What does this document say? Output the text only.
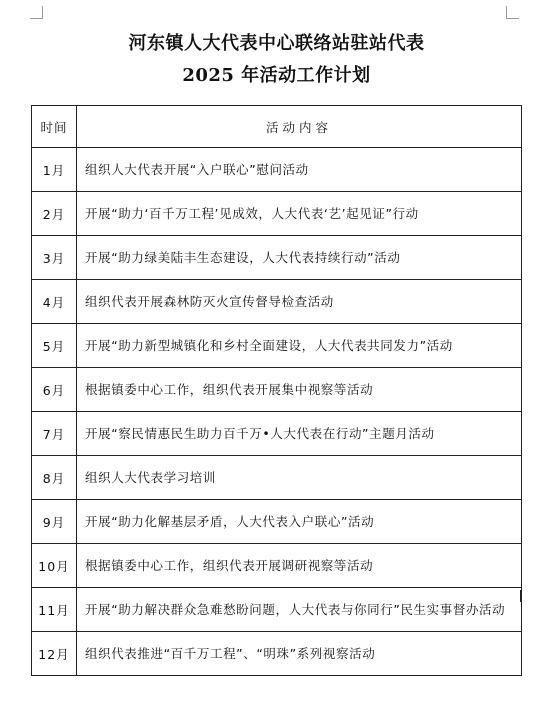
河东镇人大代表中心联络站驻站代表
2025 年活动工作计划
时间	活动内容
1月	组织人大代表开展“入户联心”慰问活动
2月	开展“助力‘百千万工程’见成效，人大代表‘艺’起见证”行动
3月	开展“助力绿美陆丰生态建设，人大代表持续行动”活动
4月	组织代表开展森林防灭火宣传督导检查活动
5月	开展“助力新型城镇化和乡村全面建设，人大代表共同发力”活动
6月	根据镇委中心工作，组织代表开展集中视察等活动
7月	开展“察民情惠民生助力百千万•人大代表在行动”主题月活动
8月	组织人大代表学习培训
9月	开展“助力化解基层矛盾，人大代表入户联心”活动
10月	根据镇委中心工作，组织代表开展调研视察等活动
11月	开展“助力解决群众急难愁盼问题，人大代表与你同行”民生实事督办活动
12月	组织代表推进“百千万工程”、“明珠”系列视察活动
